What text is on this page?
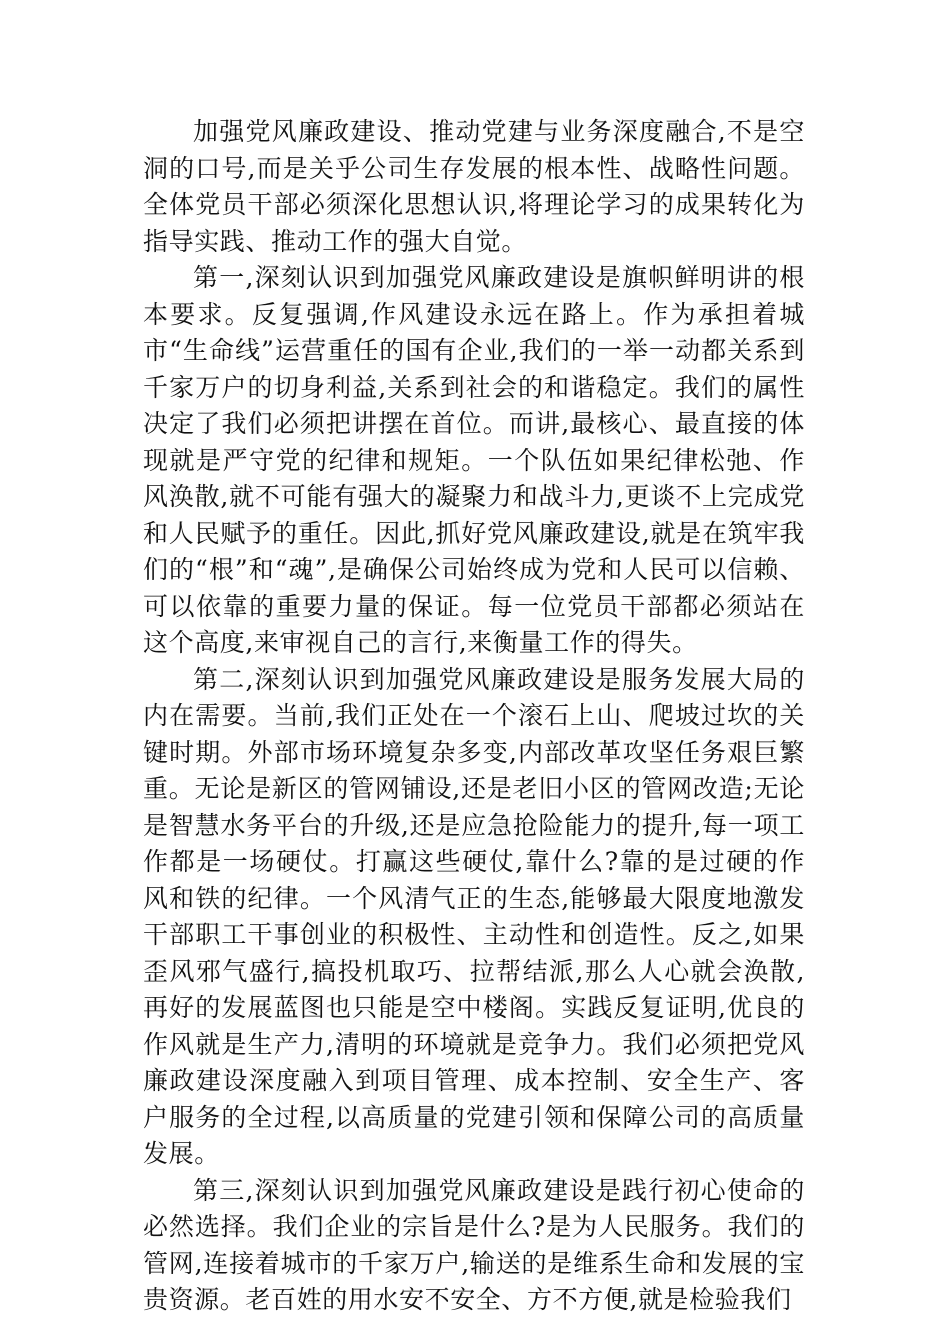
加强党风廉政建设、推动党建与业务深度融合,不是空洞的口号,而是关乎公司生存发展的根本性、战略性问题。全体党员干部必须深化思想认识,将理论学习的成果转化为指导实践、推动工作的强大自觉。

第一,深刻认识到加强党风廉政建设是旗帜鲜明讲的根本要求。反复强调,作风建设永远在路上。作为承担着城市“生命线”运营重任的国有企业,我们的一举一动都关系到千家万户的切身利益,关系到社会的和谐稳定。我们的属性决定了我们必须把讲摆在首位。而讲,最核心、最直接的体现就是严守党的纪律和规矩。一个队伍如果纪律松弛、作风涣散,就不可能有强大的凝聚力和战斗力,更谈不上完成党和人民赋予的重任。因此,抓好党风廉政建设,就是在筑牢我们的“根”和“魂”,是确保公司始终成为党和人民可以信赖、可以依靠的重要力量的保证。每一位党员干部都必须站在这个高度,来审视自己的言行,来衡量工作的得失。

第二,深刻认识到加强党风廉政建设是服务发展大局的内在需要。当前,我们正处在一个滚石上山、爬坡过坎的关键时期。外部市场环境复杂多变,内部改革攻坚任务艰巨繁重。无论是新区的管网铺设,还是老旧小区的管网改造;无论是智慧水务平台的升级,还是应急抢险能力的提升,每一项工作都是一场硬仗。打赢这些硬仗,靠什么?靠的是过硬的作风和铁的纪律。一个风清气正的生态,能够最大限度地激发干部职工干事创业的积极性、主动性和创造性。反之,如果歪风邪气盛行,搞投机取巧、拉帮结派,那么人心就会涣散,再好的发展蓝图也只能是空中楼阁。实践反复证明,优良的作风就是生产力,清明的环境就是竞争力。我们必须把党风廉政建设深度融入到项目管理、成本控制、安全生产、客户服务的全过程,以高质量的党建引领和保障公司的高质量发展。

第三,深刻认识到加强党风廉政建设是践行初心使命的必然选择。我们企业的宗旨是什么?是为人民服务。我们的管网,连接着城市的千家万户,输送的是维系生命和发展的宝贵资源。老百姓的用水安不安全、方不方便,就是检验我们
